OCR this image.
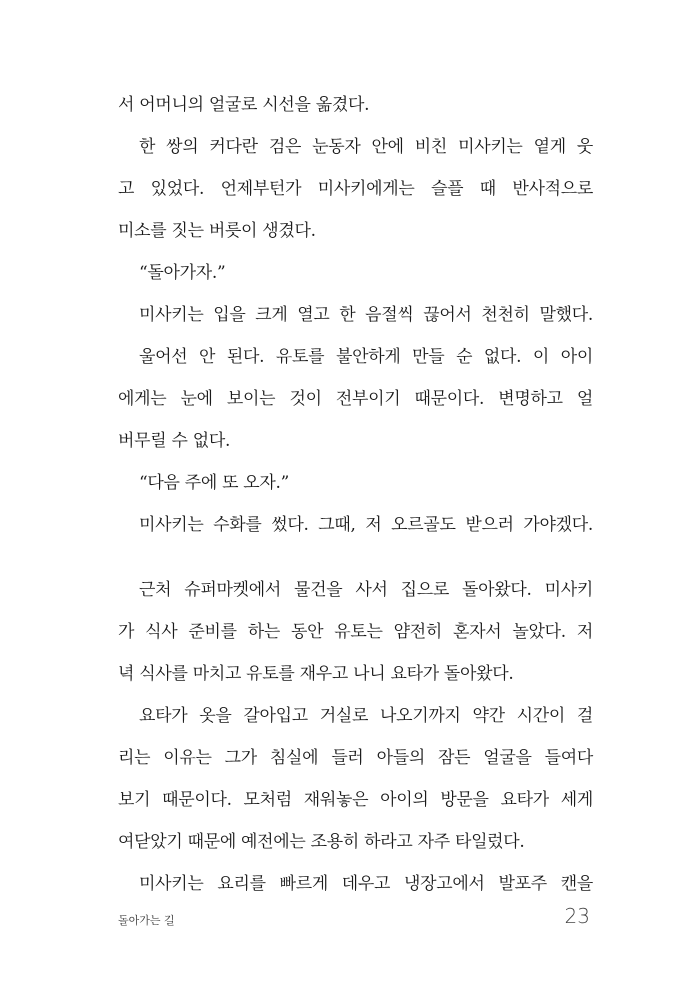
서 어머니의 얼굴로 시선을 옮겼다.
한 쌍의 커다란 검은 눈동자 안에 비친 미사키는 옅게 웃
고 있었다. 언제부턴가 미사키에게는 슬플 때 반사적으로
미소를 짓는 버릇이 생겼다.
“돌아가자.”
미사키는 입을 크게 열고 한 음절씩 끊어서 천천히 말했다.
울어선 안 된다. 유토를 불안하게 만들 순 없다. 이 아이
에게는 눈에 보이는 것이 전부이기 때문이다. 변명하고 얼
버무릴 수 없다.
“다음 주에 또 오자.”
미사키는 수화를 썼다. 그때, 저 오르골도 받으러 가야겠다.
근처 슈퍼마켓에서 물건을 사서 집으로 돌아왔다. 미사키
가 식사 준비를 하는 동안 유토는 얌전히 혼자서 놀았다. 저
녁 식사를 마치고 유토를 재우고 나니 요타가 돌아왔다.
요타가 옷을 갈아입고 거실로 나오기까지 약간 시간이 걸
리는 이유는 그가 침실에 들러 아들의 잠든 얼굴을 들여다
보기 때문이다. 모처럼 재워놓은 아이의 방문을 요타가 세게
여닫았기 때문에 예전에는 조용히 하라고 자주 타일렀다.
미사키는 요리를 빠르게 데우고 냉장고에서 발포주 캔을
돌아가는 길	23
